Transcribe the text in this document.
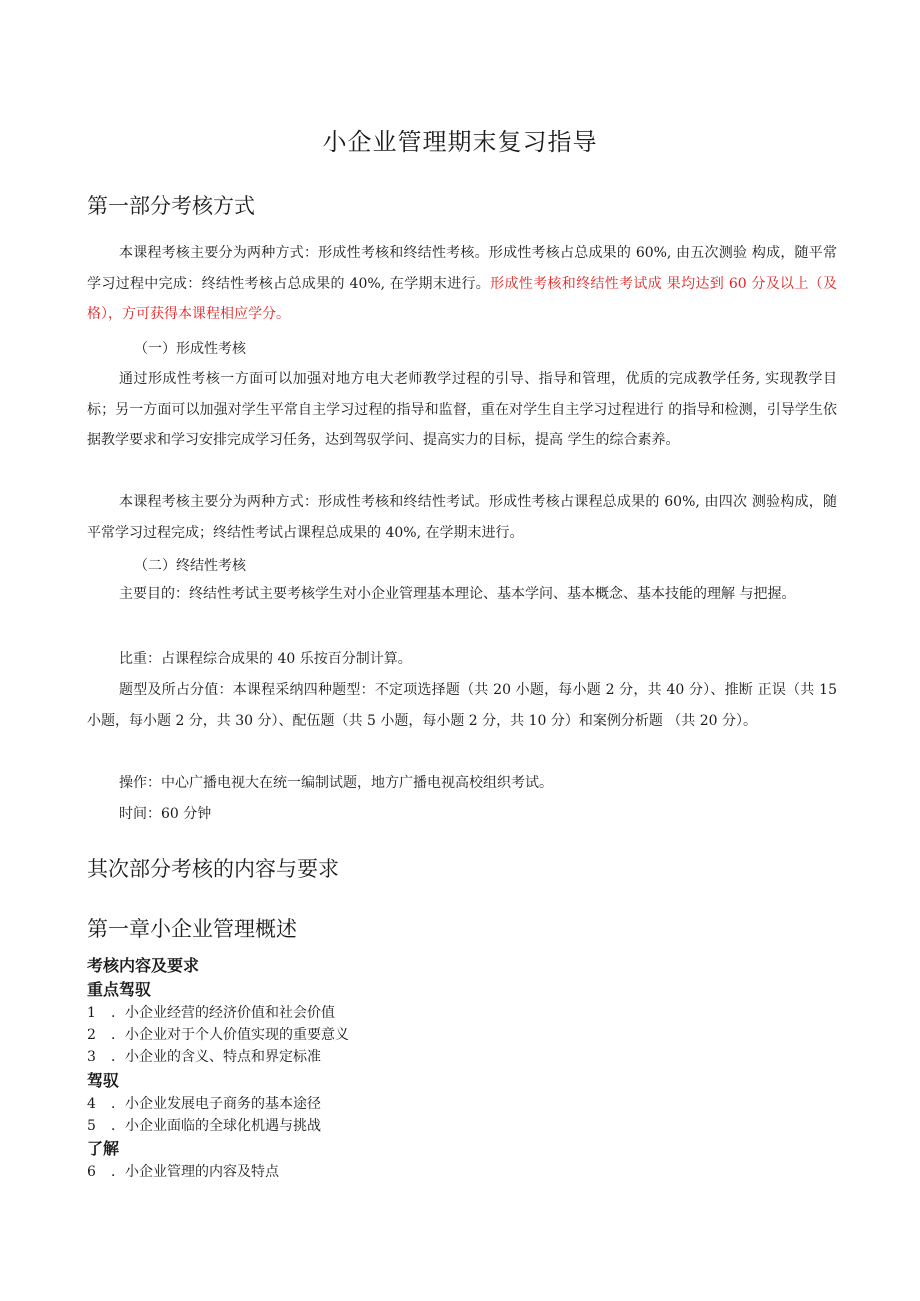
小企业管理期末复习指导
第一部分考核方式

本课程考核主要分为两种方式：形成性考核和终结性考核。形成性考核占总成果的 60%, 由五次测验 构成，随平常学习过程中完成：终结性考核占总成果的 40%, 在学期末进行。形成性考核和终结性考试成 果均达到 60 分及以上（及格），方可获得本课程相应学分。

（一）形成性考核

通过形成性考核一方面可以加强对地方电大老师教学过程的引导、指导和管理，优质的完成教学任务, 实现教学目标；另一方面可以加强对学生平常自主学习过程的指导和监督，重在对学生自主学习过程进行 的指导和检测，引导学生依据教学要求和学习安排完成学习任务，达到驾驭学问、提高实力的目标，提高 学生的综合素养。

本课程考核主要分为两种方式：形成性考核和终结性考试。形成性考核占课程总成果的 60%, 由四次 测验构成，随平常学习过程完成；终结性考试占课程总成果的 40%, 在学期末进行。

（二）终结性考核

主要目的：终结性考试主要考核学生对小企业管理基本理论、基本学问、基本概念、基本技能的理解 与把握。

比重：占课程综合成果的 40 乐按百分制计算。

题型及所占分值：本课程采纳四种题型：不定项选择题（共 20 小题，每小题 2 分，共 40 分）、推断 正误（共 15 小题，每小题 2 分，共 30 分）、配伍题（共 5 小题，每小题 2 分，共 10 分）和案例分析题 （共 20 分）。

操作：中心广播电视大在统一编制试题，地方广播电视高校组织考试。
时间：60 分钟
其次部分考核的内容与要求
第一章小企业管理概述
考核内容及要求
重点驾驭
1 ．小企业经营的经济价值和社会价值
2 ．小企业对于个人价值实现的重要意义
3 ．小企业的含义、特点和界定标准
驾驭
4 ．小企业发展电子商务的基本途径
5 ．小企业面临的全球化机遇与挑战
了解
6 ．小企业管理的内容及特点
